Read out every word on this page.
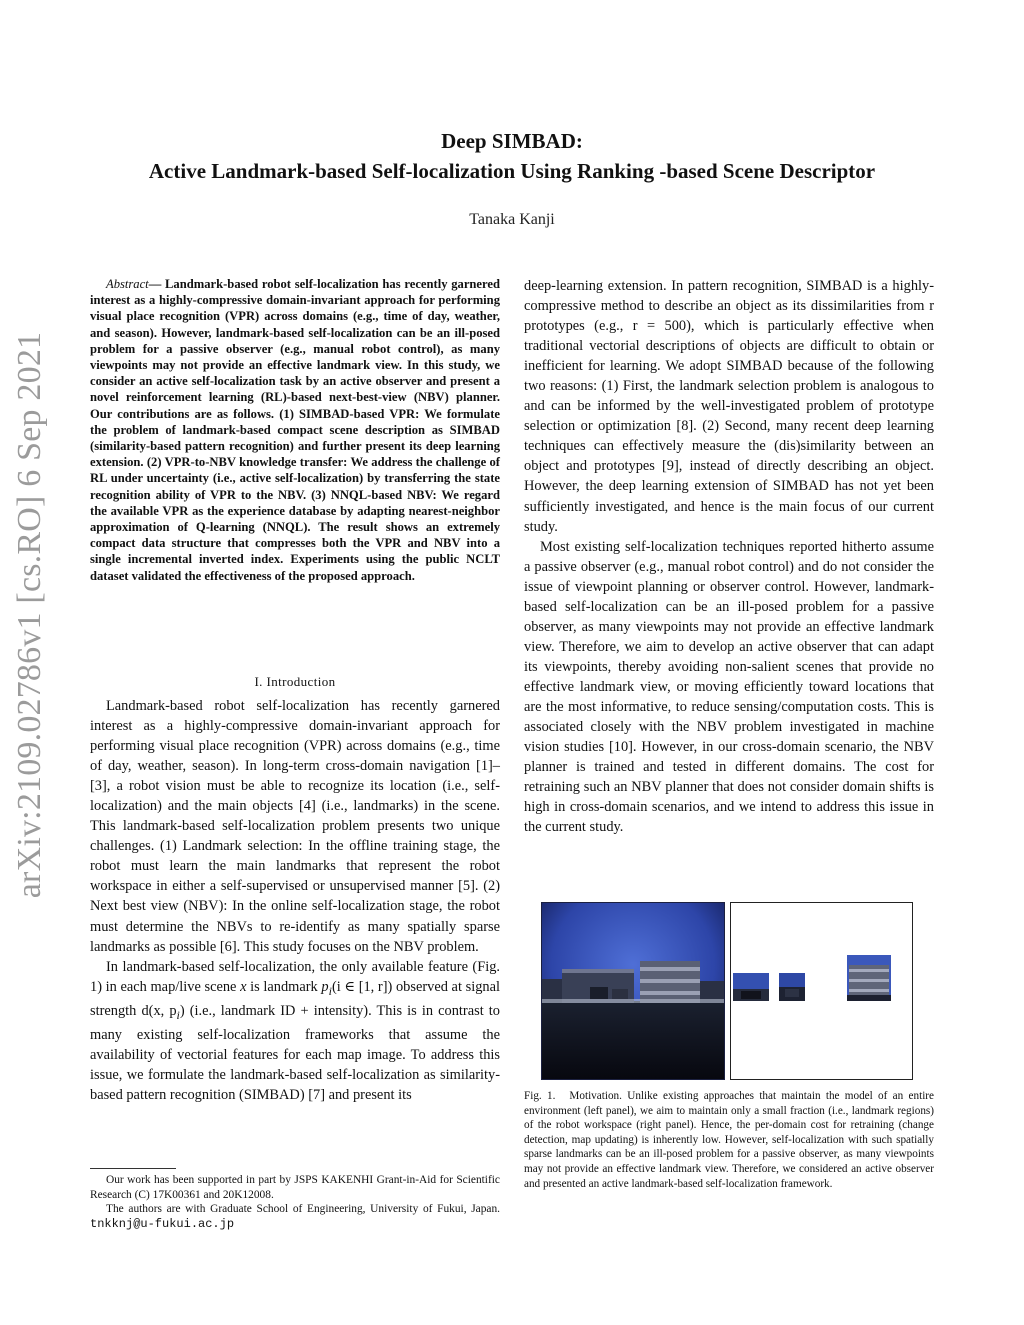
arXiv:2109.02786v1 [cs.RO] 6 Sep 2021
Deep SIMBAD:
Active Landmark-based Self-localization Using Ranking -based Scene Descriptor
Tanaka Kanji
Abstract— Landmark-based robot self-localization has recently garnered interest as a highly-compressive domain-invariant approach for performing visual place recognition (VPR) across domains (e.g., time of day, weather, and season). However, landmark-based self-localization can be an ill-posed problem for a passive observer (e.g., manual robot control), as many viewpoints may not provide an effective landmark view. In this study, we consider an active self-localization task by an active observer and present a novel reinforcement learning (RL)-based next-best-view (NBV) planner. Our contributions are as follows. (1) SIMBAD-based VPR: We formulate the problem of landmark-based compact scene description as SIMBAD (similarity-based pattern recognition) and further present its deep learning extension. (2) VPR-to-NBV knowledge transfer: We address the challenge of RL under uncertainty (i.e., active self-localization) by transferring the state recognition ability of VPR to the NBV. (3) NNQL-based NBV: We regard the available VPR as the experience database by adapting nearest-neighbor approximation of Q-learning (NNQL). The result shows an extremely compact data structure that compresses both the VPR and NBV into a single incremental inverted index. Experiments using the public NCLT dataset validated the effectiveness of the proposed approach.
I. Introduction

Landmark-based robot self-localization has recently garnered interest as a highly-compressive domain-invariant approach for performing visual place recognition (VPR) across domains (e.g., time of day, weather, season). In long-term cross-domain navigation [1]–[3], a robot vision must be able to recognize its location (i.e., self-localization) and the main objects [4] (i.e., landmarks) in the scene. This landmark-based self-localization problem presents two unique challenges. (1) Landmark selection: In the offline training stage, the robot must learn the main landmarks that represent the robot workspace in either a self-supervised or unsupervised manner [5]. (2) Next best view (NBV): In the online self-localization stage, the robot must determine the NBVs to re-identify as many spatially sparse landmarks as possible [6]. This study focuses on the NBV problem.

In landmark-based self-localization, the only available feature (Fig. 1) in each map/live scene x is landmark $p_i(i$ ∈ [1, r]) observed at signal strength d(x, $p_i$) (i.e., landmark ID + intensity). This is in contrast to many existing self-localization frameworks that assume the availability of vectorial features for each map image. To address this issue, we formulate the landmark-based self-localization as similarity-based pattern recognition (SIMBAD) [7] and present its

Our work has been supported in part by JSPS KAKENHI Grant-in-Aid for Scientific Research (C) 17K00361 and 20K12008.

The authors are with Graduate School of Engineering, University of Fukui, Japan. tnkknj@u-fukui.ac.jp

deep-learning extension. In pattern recognition, SIMBAD is a highly-compressive method to describe an object as its dissimilarities from r prototypes (e.g., r = 500), which is particularly effective when traditional vectorial descriptions of objects are difficult to obtain or inefficient for learning. We adopt SIMBAD because of the following two reasons: (1) First, the landmark selection problem is analogous to and can be informed by the well-investigated problem of prototype selection or optimization [8]. (2) Second, many recent deep learning techniques can effectively measure the (dis)similarity between an object and prototypes [9], instead of directly describing an object. However, the deep learning extension of SIMBAD has not yet been sufficiently investigated, and hence is the main focus of our current study.

Most existing self-localization techniques reported hitherto assume a passive observer (e.g., manual robot control) and do not consider the issue of viewpoint planning or observer control. However, landmark-based self-localization can be an ill-posed problem for a passive observer, as many viewpoints may not provide an effective landmark view. Therefore, we aim to develop an active observer that can adapt its viewpoints, thereby avoiding non-salient scenes that provide no effective landmark view, or moving efficiently toward locations that are the most informative, to reduce sensing/computation costs. This is associated closely with the NBV problem investigated in machine vision studies [10]. However, in our cross-domain scenario, the NBV planner is trained and tested in different domains. The cost for retraining such an NBV planner that does not consider domain shifts is high in cross-domain scenarios, and we intend to address this issue in the current study.

Fig. 1. Motivation. Unlike existing approaches that maintain the model of an entire environment (left panel), we aim to maintain only a small fraction (i.e., landmark regions) of the robot workspace (right panel). Hence, the per-domain cost for retraining (change detection, map updating) is inherently low. However, self-localization with such spatially sparse landmarks can be an ill-posed problem for a passive observer, as many viewpoints may not provide an effective landmark view. Therefore, we considered an active observer and presented an active landmark-based self-localization framework.
